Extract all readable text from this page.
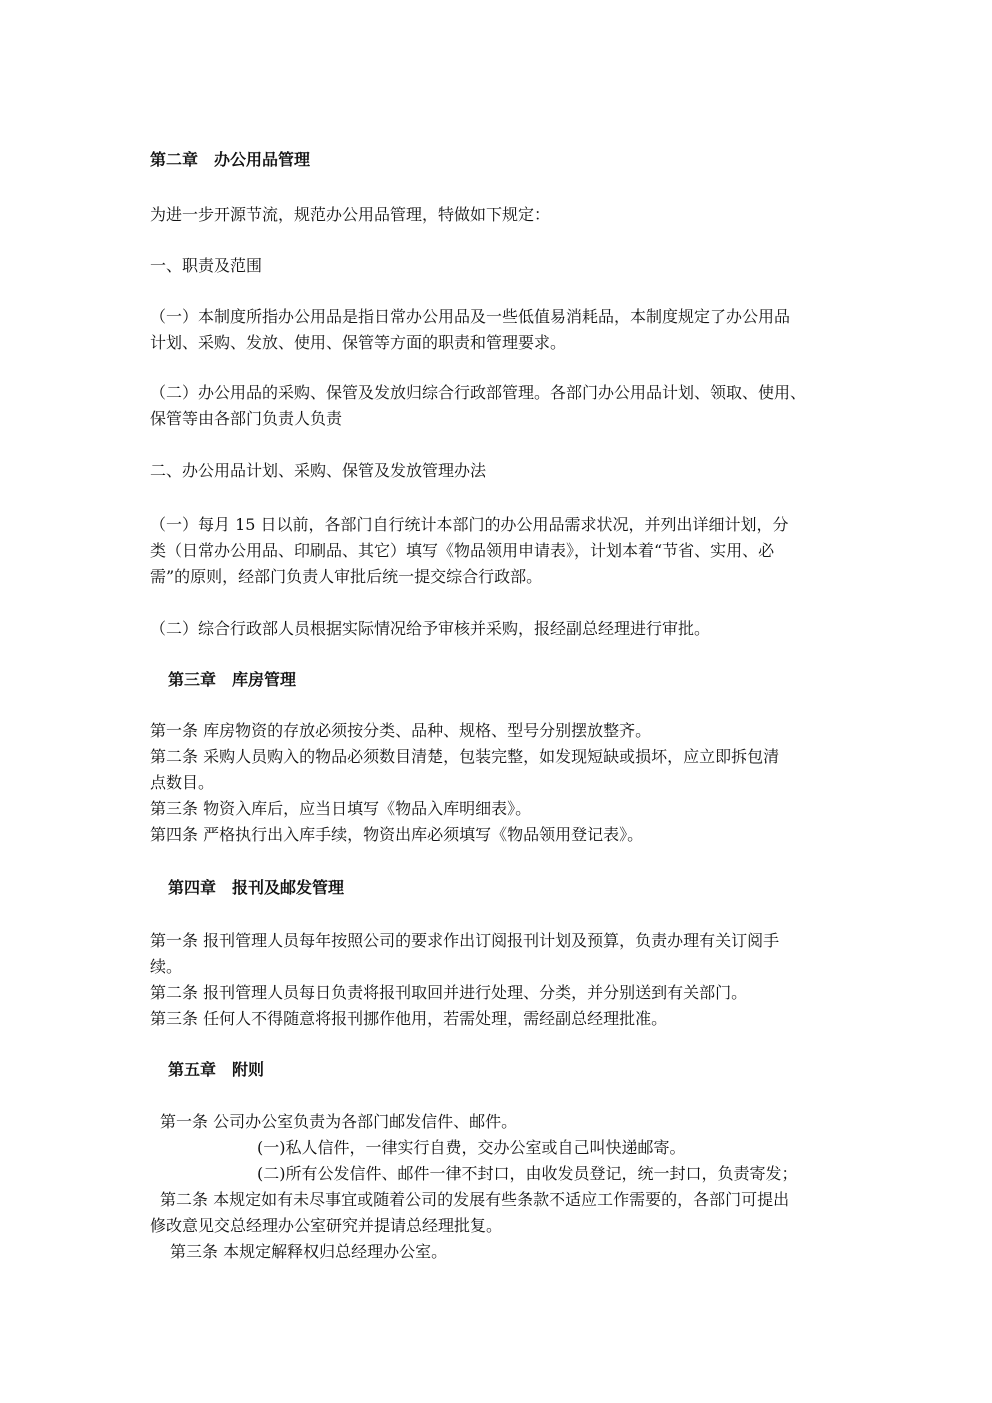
第二章　办公用品管理
为进一步开源节流，规范办公用品管理，特做如下规定：
一、职责及范围
（一）本制度所指办公用品是指日常办公用品及一些低值易消耗品，本制度规定了办公用品
计划、采购、发放、使用、保管等方面的职责和管理要求。
（二）办公用品的采购、保管及发放归综合行政部管理。各部门办公用品计划、领取、使用、
保管等由各部门负责人负责
二、办公用品计划、采购、保管及发放管理办法
（一）每月 15 日以前，各部门自行统计本部门的办公用品需求状况，并列出详细计划，分
类（日常办公用品、印刷品、其它）填写《物品领用申请表》，计划本着“节省、实用、必
需”的原则，经部门负责人审批后统一提交综合行政部。
（二）综合行政部人员根据实际情况给予审核并采购，报经副总经理进行审批。
第三章　库房管理
第一条 库房物资的存放必须按分类、品种、规格、型号分别摆放整齐。
第二条 采购人员购入的物品必须数目清楚，包装完整，如发现短缺或损坏，应立即拆包清
点数目。
第三条 物资入库后，应当日填写《物品入库明细表》。
第四条 严格执行出入库手续，物资出库必须填写《物品领用登记表》。
第四章　报刊及邮发管理
第一条 报刊管理人员每年按照公司的要求作出订阅报刊计划及预算，负责办理有关订阅手
续。
第二条 报刊管理人员每日负责将报刊取回并进行处理、分类，并分别送到有关部门。
第三条 任何人不得随意将报刊挪作他用，若需处理，需经副总经理批准。
第五章　附则
第一条 公司办公室负责为各部门邮发信件、邮件。
(一)私人信件，一律实行自费，交办公室或自己叫快递邮寄。
(二)所有公发信件、邮件一律不封口，由收发员登记，统一封口，负责寄发；
第二条 本规定如有未尽事宜或随着公司的发展有些条款不适应工作需要的，各部门可提出
修改意见交总经理办公室研究并提请总经理批复。
第三条 本规定解释权归总经理办公室。
